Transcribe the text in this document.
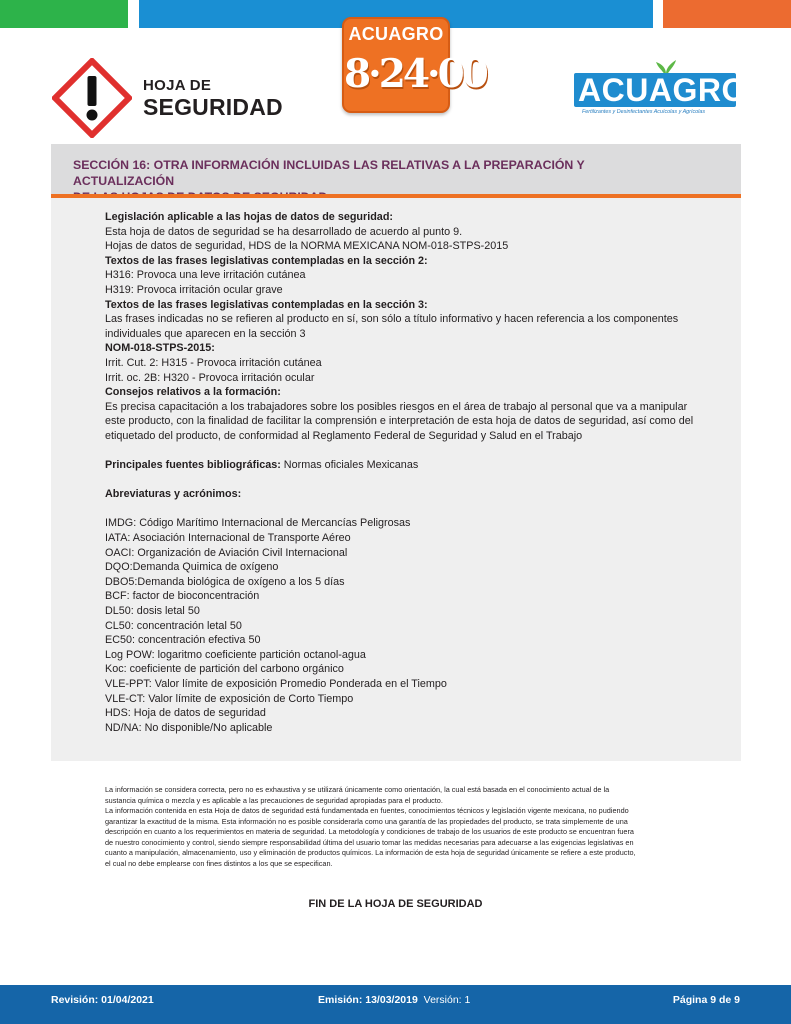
HOJA DE
SEGURIDAD
ACUAGRO
8·24·00	ACUAGRO
Fertilizantes y Desinfectantes Acuícolas y Agrícolas
SECCIÓN 16: OTRA INFORMACIÓN INCLUIDAS LAS RELATIVAS A LA PREPARACIÓN Y ACTUALIZACIÓN
Legislación aplicable a las hojas de datos de seguridad:
Esta hoja de datos de seguridad se ha desarrollado de acuerdo al punto 9.
Hojas de datos de seguridad, HDS de la NORMA MEXICANA NOM-018-STPS-2015
Textos de las frases legislativas contempladas en la sección 2:
H316: Provoca una leve irritación cutánea
H319: Provoca irritación ocular grave
Textos de las frases legislativas contempladas en la sección 3:
Las frases indicadas no se refieren al producto en sí, son sólo a título informativo y hacen referencia a los componentes
individuales que aparecen en la sección 3
NOM-018-STPS-2015:
Irrit. Cut. 2: H315 - Provoca irritación cutánea
Irrit. oc. 2B: H320 - Provoca irritación ocular
Consejos relativos a la formación:
Es precisa capacitación a los trabajadores sobre los posibles riesgos en el área de trabajo al personal que va a manipular
este producto, con la finalidad de facilitar la comprensión e interpretación de esta hoja de datos de seguridad, así como del
etiquetado del producto, de conformidad al Reglamento Federal de Seguridad y Salud en el Trabajo
Principales fuentes bibliográficas: Normas oficiales Mexicanas
Abreviaturas y acrónimos:
IMDG: Código Marítimo Internacional de Mercancías Peligrosas
IATA: Asociación Internacional de Transporte Aéreo
OACI: Organización de Aviación Civil Internacional
DQO:Demanda Quimica de oxígeno
DBO5:Demanda biológica de oxígeno a los 5 días
BCF: factor de bioconcentración
DL50: dosis letal 50
CL50: concentración letal 50
EC50: concentración efectiva 50
Log POW: logaritmo coeficiente partición octanol-agua
Koc: coeficiente de partición del carbono orgánico
VLE-PPT: Valor límite de exposición Promedio Ponderada en el Tiempo
VLE-CT: Valor límite de exposición de Corto Tiempo
HDS: Hoja de datos de seguridad
ND/NA: No disponible/No aplicable
La información se considera correcta, pero no es exhaustiva y se utilizará únicamente como orientación, la cual está basada en el conocimiento actual de la
sustancia química o mezcla y es aplicable a las precauciones de seguridad apropiadas para el producto.
La información contenida en esta Hoja de datos de seguridad está fundamentada en fuentes, conocimientos técnicos y legislación vigente mexicana, no pudiendo
garantizar la exactitud de la misma. Esta información no es posible considerarla como una garantía de las propiedades del producto, se trata simplemente de una
descripción en cuanto a los requerimientos en materia de seguridad. La metodología y condiciones de trabajo de los usuarios de este producto se encuentran fuera
de nuestro conocimiento y control, siendo siempre responsabilidad última del usuario tomar las medidas necesarias para adecuarse a las exigencias legislativas en
cuanto a manipulación, almacenamiento, uso y eliminación de productos químicos. La información de esta hoja de seguridad únicamente se refiere a este producto,
el cual no debe emplearse con fines distintos a los que se especifican.
FIN DE LA HOJA DE SEGURIDAD
Revisión: 01/04/2021	Emisión: 13/03/2019 Versión: 1	Página 9 de 9
